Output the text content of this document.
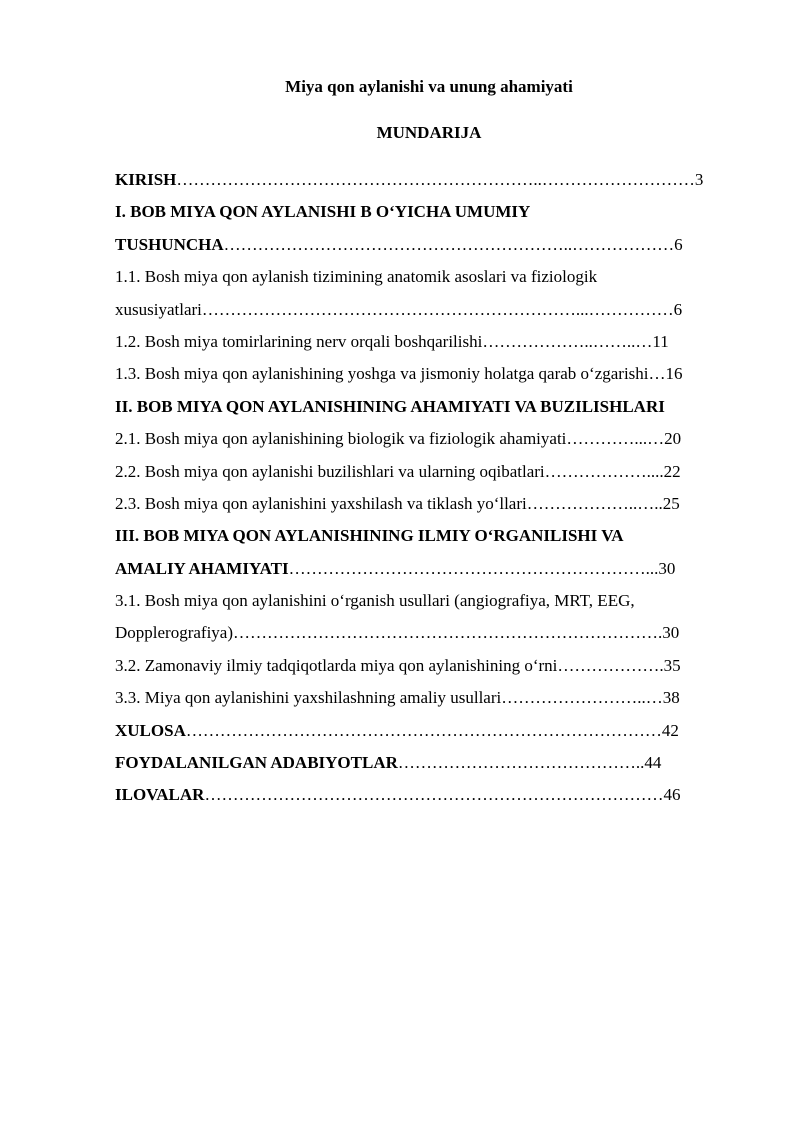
Miya qon aylanishi va unung ahamiyati
MUNDARIJA
KIRISH………………………………………………………..………………………3
I. BOB MIYA QON AYLANISHI B O‘YICHA UMUMIY
TUSHUNCHA……………………………………………………..………………6
1.1. Bosh miya qon aylanish tizimining anatomik asoslari va fiziologik
xususiyatlari…………………………………………………………...……………6
1.2. Bosh miya tomirlarining nerv orqali boshqarilishi………………..……..…11
1.3. Bosh miya qon aylanishining yoshga va jismoniy holatga qarab o‘zgarishi…16
II. BOB MIYA QON AYLANISHINING AHAMIYATI VA BUZILISHLARI
2.1. Bosh miya qon aylanishining biologik va fiziologik ahamiyati…………...…20
2.2. Bosh miya qon aylanishi buzilishlari va ularning oqibatlari………………....22
2.3. Bosh miya qon aylanishini yaxshilash va tiklash yo‘llari………………..…..25
III. BOB MIYA QON AYLANISHINING ILMIY O‘RGANILISHI VA
AMALIY AHAMIYATI………………………………………………………...30
3.1. Bosh miya qon aylanishini o‘rganish usullari (angiografiya, MRT, EEG,
Dopplerografiya)………………………………………………………………….30
3.2. Zamonaviy ilmiy tadqiqotlarda miya qon aylanishining o‘rni……………….35
3.3. Miya qon aylanishini yaxshilashning amaliy usullari……………………..…38
XULOSA…………………………………………………………………………42
FOYDALANILGAN ADABIYOTLAR……………………………………..44
ILOVALAR………………………………………………………………………46
